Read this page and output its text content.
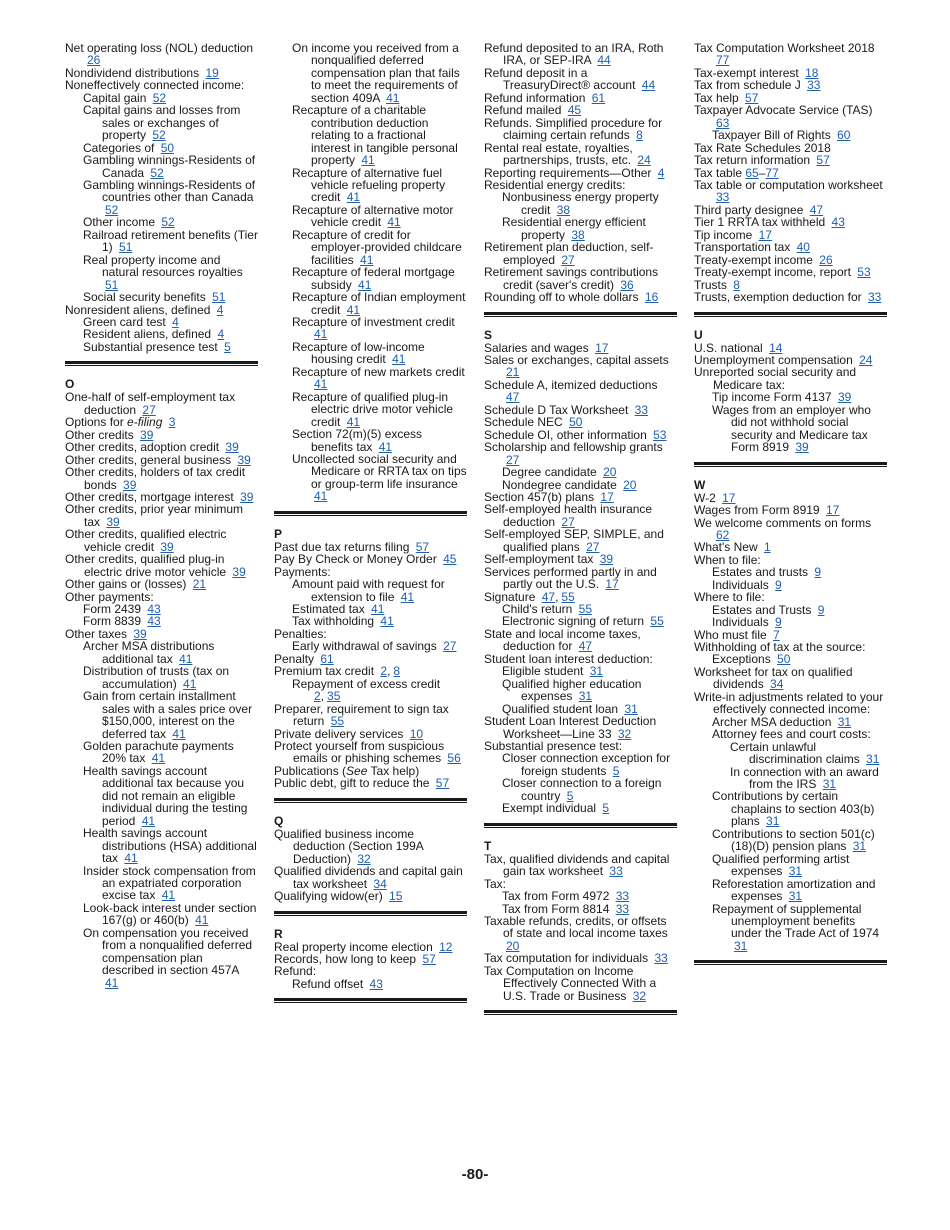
Net operating loss (NOL) deduction 26
Nondividend distributions 19
Noneffectively connected income:
Capital gain 52
Capital gains and losses from sales or exchanges of property 52
Categories of 50
Gambling winnings-Residents of Canada 52
Gambling winnings-Residents of countries other than Canada 52
Other income 52
Railroad retirement benefits (Tier 1) 51
Real property income and natural resources royalties 51
Social security benefits 51
Nonresident aliens, defined 4
Green card test 4
Resident aliens, defined 4
Substantial presence test 5
O
One-half of self-employment tax deduction 27
Options for e-filing 3
Other credits 39
Other credits, adoption credit 39
Other credits, general business 39
Other credits, holders of tax credit bonds 39
Other credits, mortgage interest 39
Other credits, prior year minimum tax 39
Other credits, qualified electric vehicle credit 39
Other credits, qualified plug-in electric drive motor vehicle 39
Other gains or (losses) 21
Other payments:
Form 2439 43
Form 8839 43
Other taxes 39
Archer MSA distributions additional tax 41
Distribution of trusts (tax on accumulation) 41
Gain from certain installment sales with a sales price over $150,000, interest on the deferred tax 41
Golden parachute payments 20% tax 41
Health savings account additional tax because you did not remain an eligible individual during the testing period 41
Health savings account distributions (HSA) additional tax 41
Insider stock compensation from an expatriated corporation excise tax 41
Look-back interest under section 167(g) or 460(b) 41
On compensation you received from a nonqualified deferred compensation plan described in section 457A 41
On income you received from a nonqualified deferred compensation plan that fails to meet the requirements of section 409A 41
Recapture of a charitable contribution deduction relating to a fractional interest in tangible personal property 41
Recapture of alternative fuel vehicle refueling property credit 41
Recapture of alternative motor vehicle credit 41
Recapture of credit for employer-provided childcare facilities 41
Recapture of federal mortgage subsidy 41
Recapture of Indian employment credit 41
Recapture of investment credit 41
Recapture of low-income housing credit 41
Recapture of new markets credit 41
Recapture of qualified plug-in electric drive motor vehicle credit 41
Section 72(m)(5) excess benefits tax 41
Uncollected social security and Medicare or RRTA tax on tips or group-term life insurance 41
P
Past due tax returns filing 57
Pay By Check or Money Order 45
Payments:
Amount paid with request for extension to file 41
Estimated tax 41
Tax withholding 41
Penalties:
Early withdrawal of savings 27
Penalty 61
Premium tax credit 2, 8
Repayment of excess credit 2, 35
Preparer, requirement to sign tax return 55
Private delivery services 10
Protect yourself from suspicious emails or phishing schemes 56
Publications (See Tax help)
Public debt, gift to reduce the 57
Q
Qualified business income deduction (Section 199A Deduction) 32
Qualified dividends and capital gain tax worksheet 34
Qualifying widow(er) 15
R
Real property income election 12
Records, how long to keep 57
Refund:
Refund offset 43
Refund deposited to an IRA, Roth IRA, or SEP-IRA 44
Refund deposit in a TreasuryDirect® account 44
Refund information 61
Refund mailed 45
Refunds. Simplified procedure for claiming certain refunds 8
Rental real estate, royalties, partnerships, trusts, etc. 24
Reporting requirements—Other 4
Residential energy credits:
Nonbusiness energy property credit 38
Residential energy efficient property 38
Retirement plan deduction, self-employed 27
Retirement savings contributions credit (saver's credit) 36
Rounding off to whole dollars 16
S
Salaries and wages 17
Sales or exchanges, capital assets 21
Schedule A, itemized deductions 47
Schedule D Tax Worksheet 33
Schedule NEC 50
Schedule OI, other information 53
Scholarship and fellowship grants 27
Degree candidate 20
Nondegree candidate 20
Section 457(b) plans 17
Self-employed health insurance deduction 27
Self-employed SEP, SIMPLE, and qualified plans 27
Self-employment tax 39
Services performed partly in and partly out the U.S. 17
Signature 47, 55
Child's return 55
Electronic signing of return 55
State and local income taxes, deduction for 47
Student loan interest deduction:
Eligible student 31
Qualified higher education expenses 31
Qualified student loan 31
Student Loan Interest Deduction Worksheet—Line 33 32
Substantial presence test:
Closer connection exception for foreign students 5
Closer connection to a foreign country 5
Exempt individual 5
T
Tax, qualified dividends and capital gain tax worksheet 33
Tax:
Tax from Form 4972 33
Tax from Form 8814 33
Taxable refunds, credits, or offsets of state and local income taxes 20
Tax computation for individuals 33
Tax Computation on Income Effectively Connected With a U.S. Trade or Business 32
Tax Computation Worksheet 2018 77
Tax-exempt interest 18
Tax from schedule J 33
Tax help 57
Taxpayer Advocate Service (TAS) 63
Taxpayer Bill of Rights 60
Tax Rate Schedules 2018
Tax return information 57
Tax table 65–77
Tax table or computation worksheet 33
Third party designee 47
Tier 1 RRTA tax withheld 43
Tip income 17
Transportation tax 40
Treaty-exempt income 26
Treaty-exempt income, report 53
Trusts 8
Trusts, exemption deduction for 33
U
U.S. national 14
Unemployment compensation 24
Unreported social security and Medicare tax:
Tip income Form 4137 39
Wages from an employer who did not withhold social security and Medicare tax Form 8919 39
W
W-2 17
Wages from Form 8919 17
We welcome comments on forms 62
What's New 1
When to file:
Estates and trusts 9
Individuals 9
Where to file:
Estates and Trusts 9
Individuals 9
Who must file 7
Withholding of tax at the source:
Exceptions 50
Worksheet for tax on qualified dividends 34
Write-in adjustments related to your effectively connected income:
Archer MSA deduction 31
Attorney fees and court costs:
Certain unlawful discrimination claims 31
In connection with an award from the IRS 31
Contributions by certain chaplains to section 403(b) plans 31
Contributions to section 501(c)(18)(D) pension plans 31
Qualified performing artist expenses 31
Reforestation amortization and expenses 31
Repayment of supplemental unemployment benefits under the Trade Act of 1974 31
-80-
